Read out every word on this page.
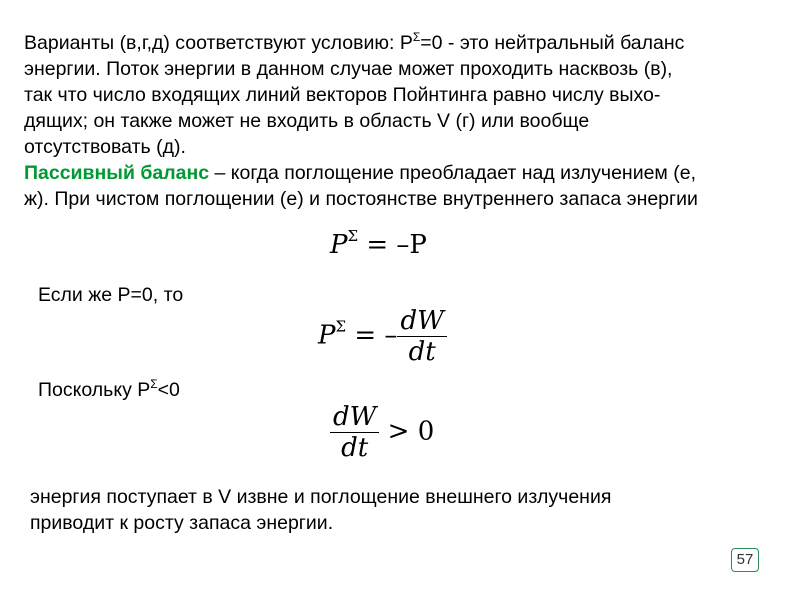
Варианты (в,г,д) соответствуют условию: $P^\Sigma=0$ - это нейтральный баланс
энергии. Поток энергии в данном случае может проходить насквозь (в),
так что число входящих линий векторов Пойнтинга равно числу выхо-
дящих; он также может не входить в область V (г) или вообще
отсутствовать (д).
Пассивный баланс – когда поглощение преобладает над излучением (е,
ж). При чистом поглощении (е) и постоянстве внутреннего запаса энергии
$P^\Sigma = -P$
Если же P=0, то
$P^\Sigma$ = – $\frac{dW}{dt}$
Поскольку $P^\Sigma<0$
$\frac{dW}{dt} > 0$
энергия поступает в V извне и поглощение внешнего излучения
приводит к росту запаса энергии.
57
